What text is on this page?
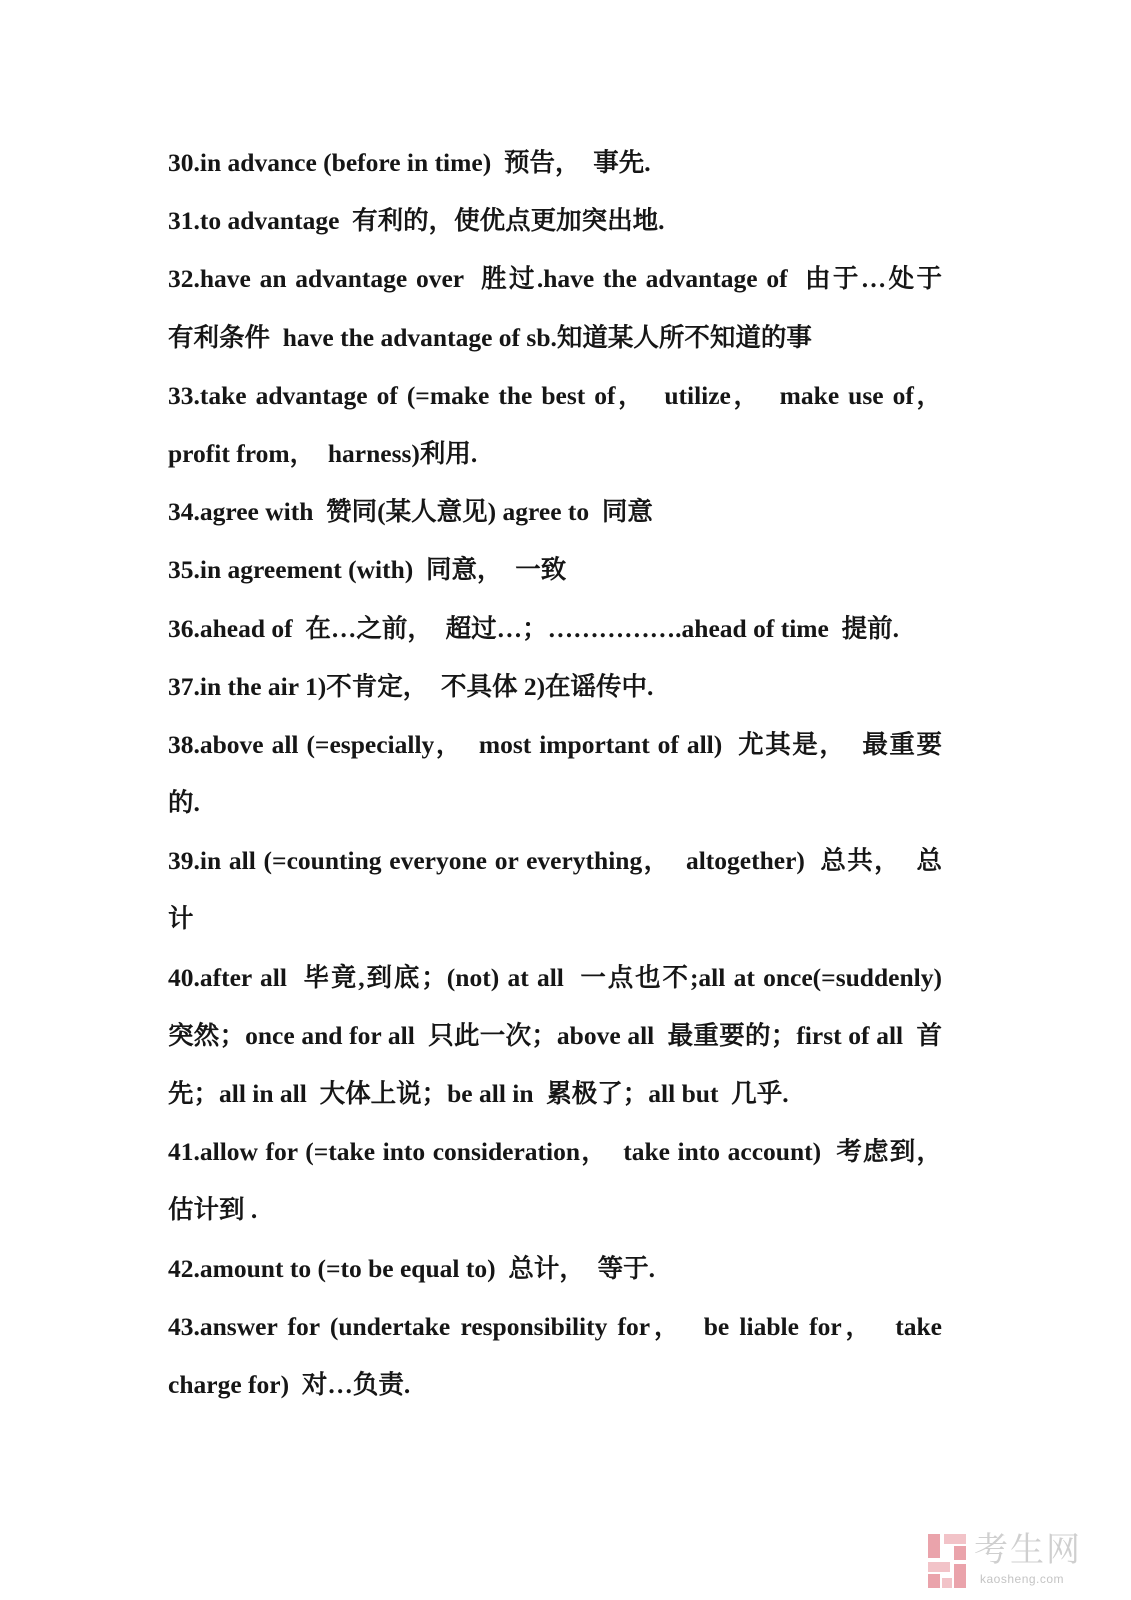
30.in advance (before in time)  预告，  事先.
31.to advantage  有利的，使优点更加突出地.
32.have an advantage over  胜过.have the advantage of  由于…处于
有利条件  have the advantage of sb.知道某人所不知道的事
33.take advantage of (=make the best of，  utilize，  make use of，
profit from，  harness)利用.
34.agree with  赞同(某人意见) agree to  同意
35.in agreement (with)  同意，  一致
36.ahead of  在…之前，  超过…；…………….ahead of time  提前.
37.in the air 1)不肯定，  不具体 2)在谣传中.
38.above all (=especially，  most important of all)  尤其是，  最重要
的.
39.in all (=counting everyone or everything，  altogether)  总共，  总
计
40.after all  毕竟,到底；(not) at all  一点也不;all at once(=suddenly)
突然；once and for all  只此一次；above all  最重要的；first of all  首
先；all in all  大体上说；be all in  累极了；all but  几乎.
41.allow for (=take into consideration，  take into account)  考虑到，
估计到 .
42.amount to (=to be equal to)  总计，  等于.
43.answer for (undertake responsibility for，  be liable for，  take
charge for)  对…负责.
考生网
kaosheng.com
